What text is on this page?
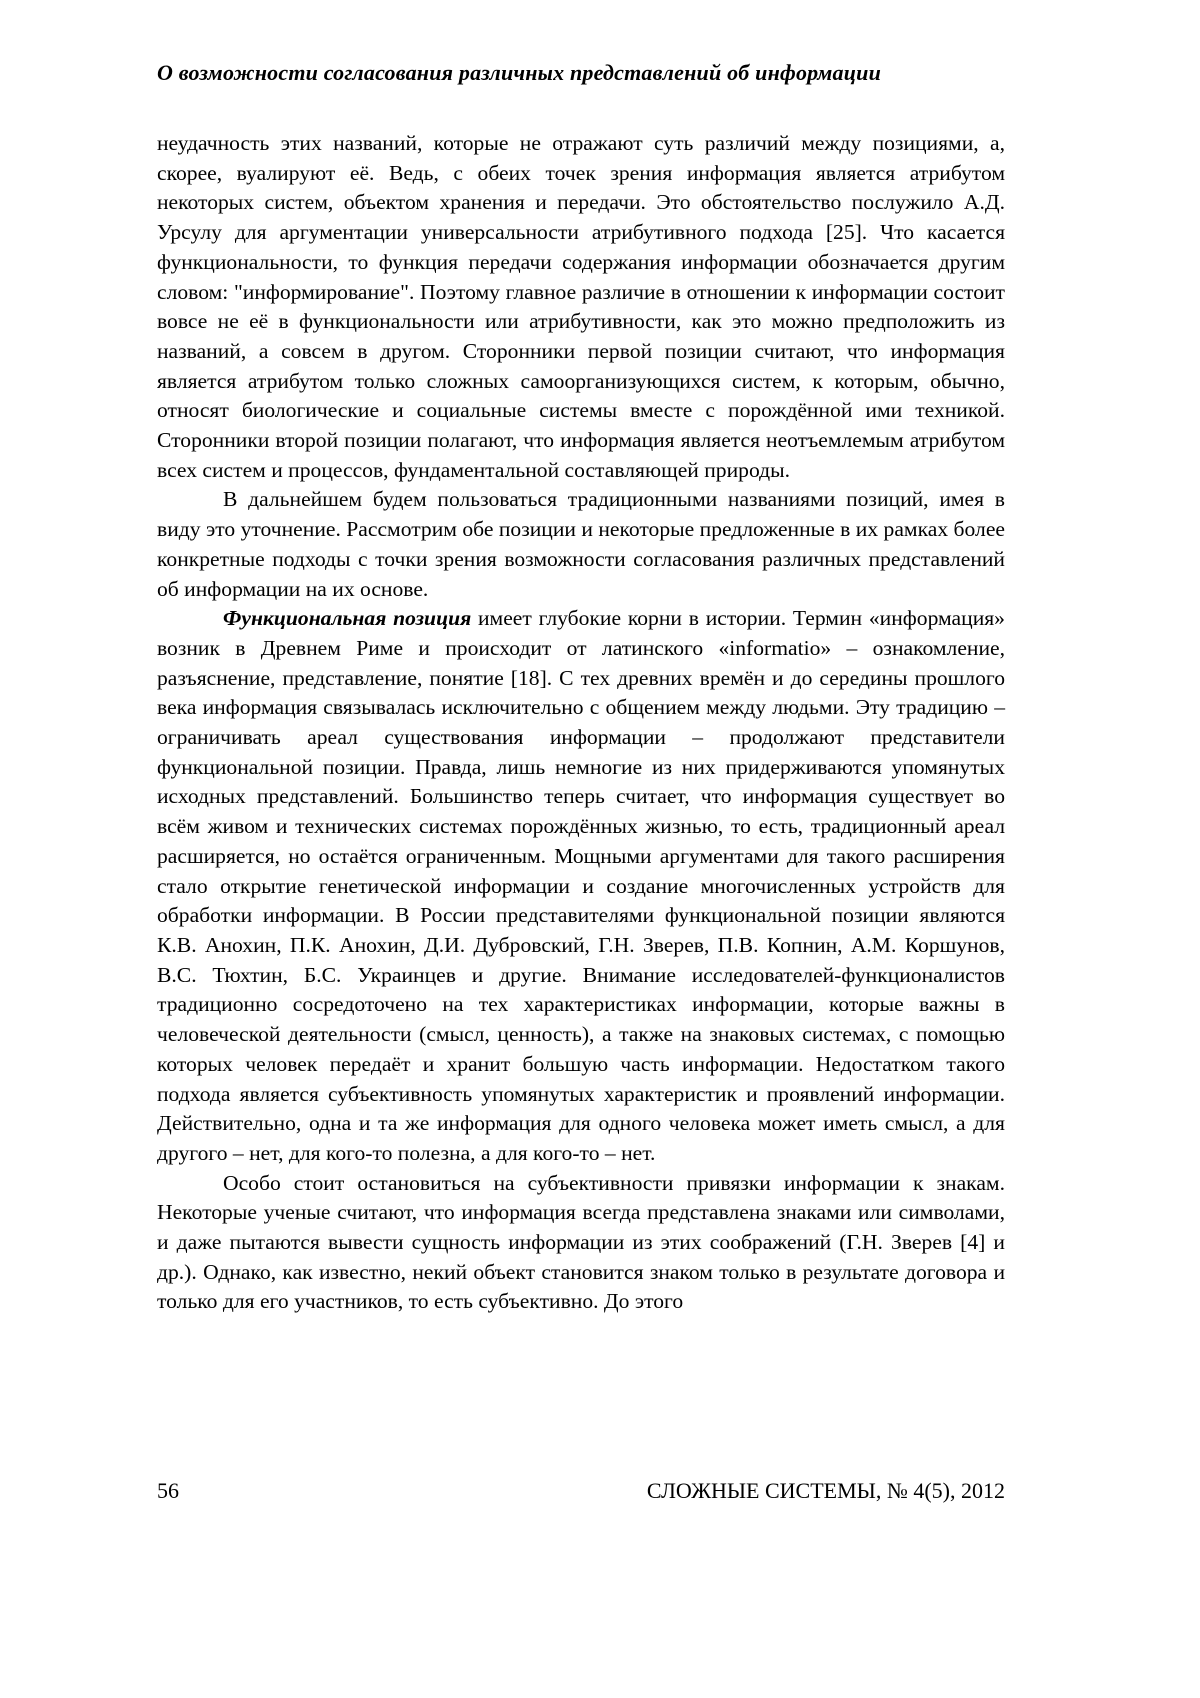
О возможности согласования различных представлений об информации

неудачность этих названий, которые не отражают суть различий между позициями, а, скорее, вуалируют её. Ведь, с обеих точек зрения информация является атрибутом некоторых систем, объектом хранения и передачи. Это обстоятельство послужило А.Д. Урсулу для аргументации универсальности атрибутивного подхода [25]. Что касается функциональности, то функция передачи содержания информации обозначается другим словом: "информирование". Поэтому главное различие в отношении к информации состоит вовсе не её в функциональности или атрибутивности, как это можно предположить из названий, а совсем в другом. Сторонники первой позиции считают, что информация является атрибутом только сложных самоорганизующихся систем, к которым, обычно, относят биологические и социальные системы вместе с порождённой ими техникой. Сторонники второй позиции полагают, что информация является неотъемлемым атрибутом всех систем и процессов, фундаментальной составляющей природы.

В дальнейшем будем пользоваться традиционными названиями позиций, имея в виду это уточнение. Рассмотрим обе позиции и некоторые предложенные в их рамках более конкретные подходы с точки зрения возможности согласования различных представлений об информации на их основе.

Функциональная позиция имеет глубокие корни в истории. Термин «информация» возник в Древнем Риме и происходит от латинского «informatio» – ознакомление, разъяснение, представление, понятие [18]. С тех древних времён и до середины прошлого века информация связывалась исключительно с общением между людьми. Эту традицию – ограничивать ареал существования информации – продолжают представители функциональной позиции. Правда, лишь немногие из них придерживаются упомянутых исходных представлений. Большинство теперь считает, что информация существует во всём живом и технических системах порождённых жизнью, то есть, традиционный ареал расширяется, но остаётся ограниченным. Мощными аргументами для такого расширения стало открытие генетической информации и создание многочисленных устройств для обработки информации. В России представителями функциональной позиции являются К.В. Анохин, П.К. Анохин, Д.И. Дубровский, Г.Н. Зверев, П.В. Копнин, А.М. Коршунов, В.С. Тюхтин, Б.С. Украинцев и другие. Внимание исследователей-функционалистов традиционно сосредоточено на тех характеристиках информации, которые важны в человеческой деятельности (смысл, ценность), а также на знаковых системах, с помощью которых человек передаёт и хранит большую часть информации. Недостатком такого подхода является субъективность упомянутых характеристик и проявлений информации. Действительно, одна и та же информация для одного человека может иметь смысл, а для другого – нет, для кого-то полезна, а для кого-то – нет.

Особо стоит остановиться на субъективности привязки информации к знакам. Некоторые ученые считают, что информация всегда представлена знаками или символами, и даже пытаются вывести сущность информации из этих соображений (Г.Н. Зверев [4] и др.). Однако, как известно, некий объект становится знаком только в результате договора и только для его участников, то есть субъективно. До этого

56	СЛОЖНЫЕ СИСТЕМЫ, № 4(5), 2012
